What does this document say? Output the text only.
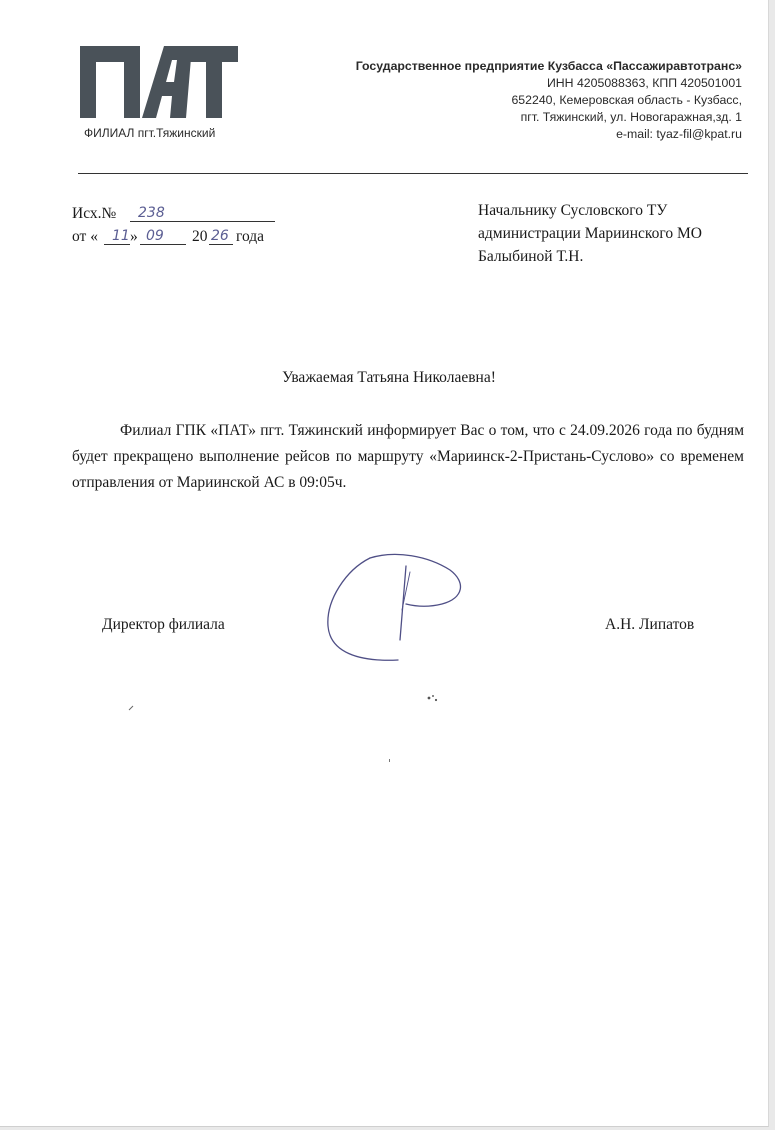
ФИЛИАЛ пгт.Тяжинский
Государственное предприятие Кузбасса «Пассажиравтотранс»
ИНН 4205088363, КПП 420501001
652240, Кемеровская область - Кузбасс,
пгт. Тяжинский, ул. Новогаражная,зд. 1
e-mail: tyaz-fil@kpat.ru
Исх.№ 238
от « 11 » 09 20 26 года
Начальнику Сусловского ТУ
администрации Мариинского МО
Балыбиной Т.Н.
Уважаемая Татьяна Николаевна!
Филиал ГПК «ПАТ» пгт. Тяжинский информирует Вас о том, что с 24.09.2026 года по будням будет прекращено выполнение рейсов по маршруту «Мариинск-2-Пристань-Суслово» со временем отправления от Мариинской АС в 09:05ч.
Директор филиала	А.Н. Липатов
